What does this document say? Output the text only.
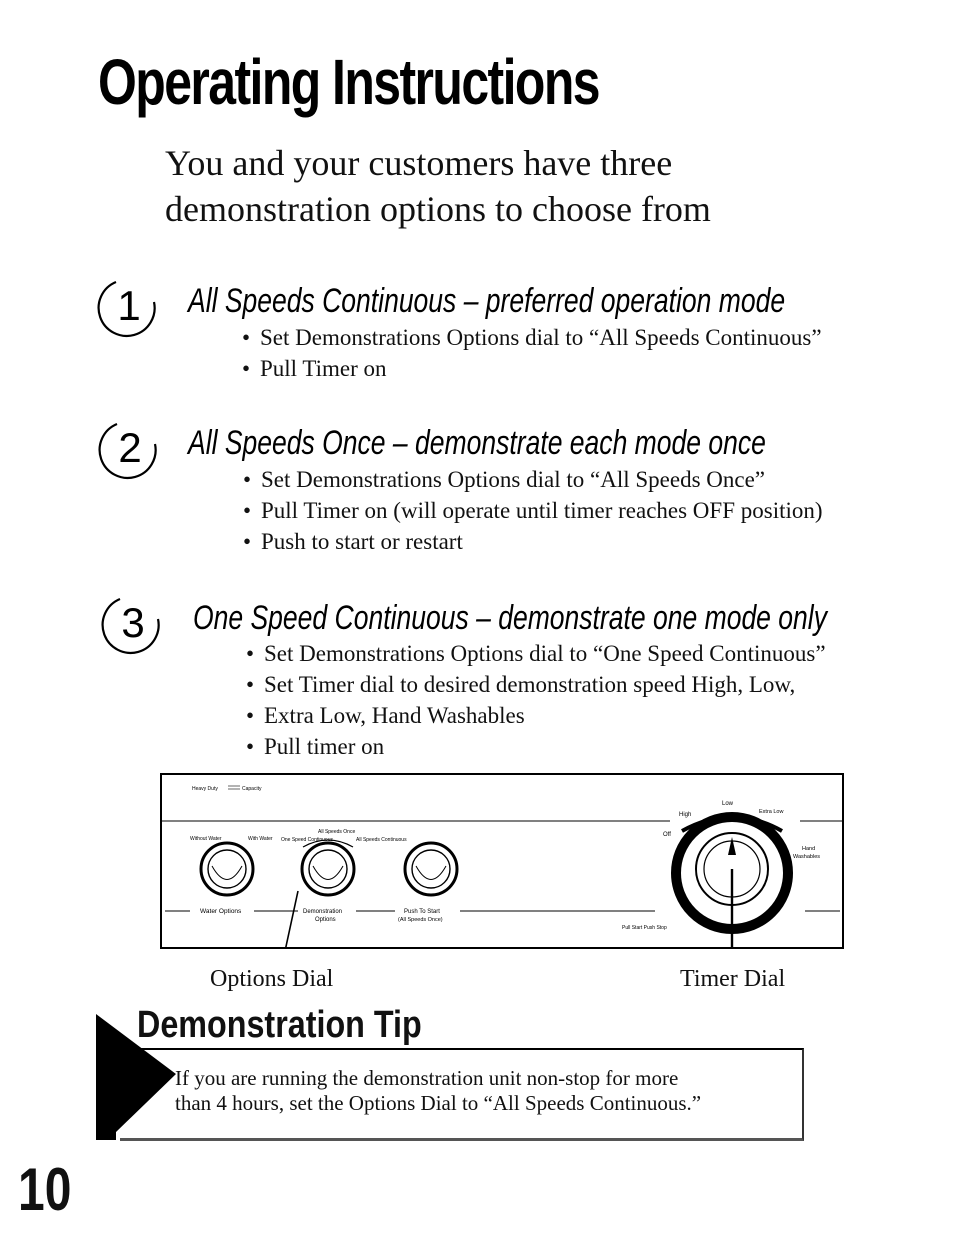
Operating Instructions

You and your customers have three demonstration options to choose from

1 All Speeds Continuous – preferred operation mode
• Set Demonstrations Options dial to “All Speeds Continuous”
• Pull Timer on
2 All Speeds Once – demonstrate each mode once
• Set Demonstrations Options dial to “All Speeds Once”
• Pull Timer on (will operate until timer reaches OFF position)
• Push to start or restart
3 One Speed Continuous – demonstrate one mode only
• Set Demonstrations Options dial to “One Speed Continuous”
• Set Timer dial to desired demonstration speed High, Low,
• Extra Low, Hand Washables
• Pull timer on
Heavy Duty	Capacity
Without Water	With Water One Speed Continuous
All Speeds Once
All Speeds Continuous
Water Options	Demonstration
Options
Push To Start
(All Speeds Once)
Off
High
Low
Extra Low
Hand
Washables
Pull Start Push Stop
Options Dial	Timer Dial
Demonstration Tip

If you are running the demonstration unit non-stop for more
than 4 hours, set the Options Dial to “All Speeds Continuous.”

10
